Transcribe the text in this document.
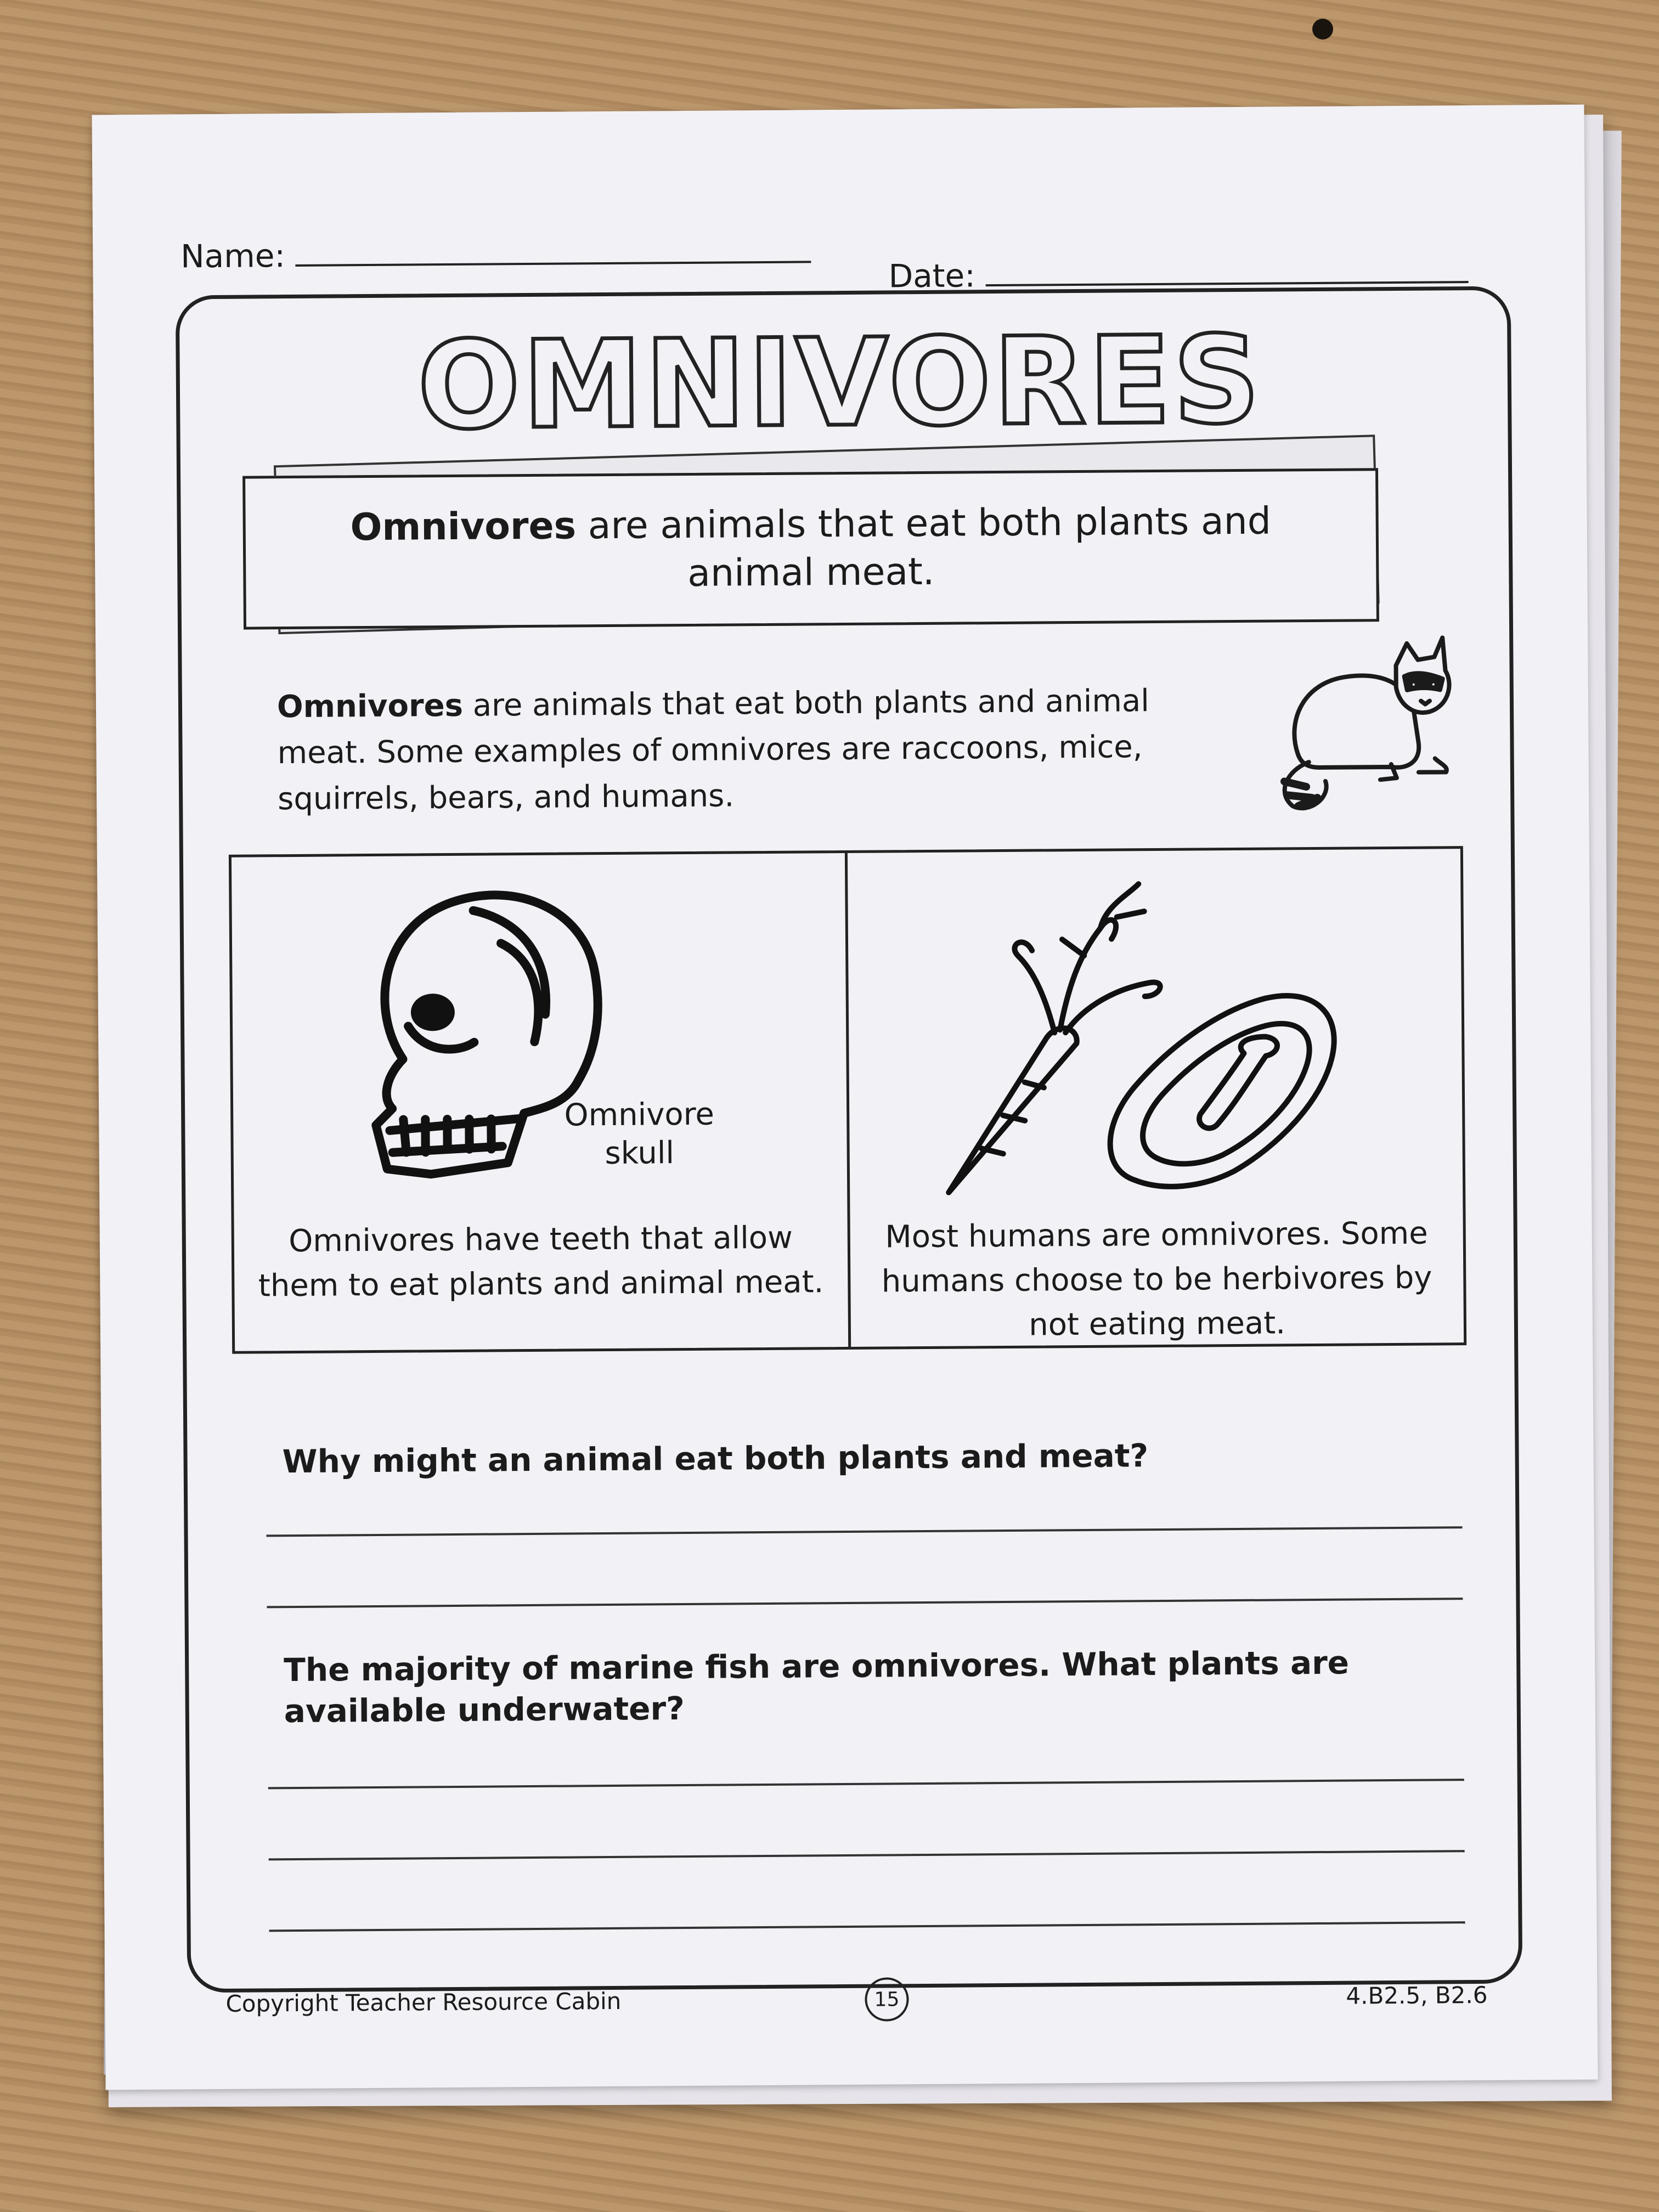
Name:
Date:
OMNIVORES
Omnivores are animals that eat both plants and animal meat.
Omnivores are animals that eat both plants and animal meat. Some examples of omnivores are raccoons, mice, squirrels, bears, and humans.
Omnivore skull
Omnivores have teeth that allow them to eat plants and animal meat.
Most humans are omnivores. Some humans choose to be herbivores by not eating meat.
Why might an animal eat both plants and meat?
The majority of marine fish are omnivores. What plants are available underwater?
Copyright Teacher Resource Cabin	15	4.B2.5, B2.6
